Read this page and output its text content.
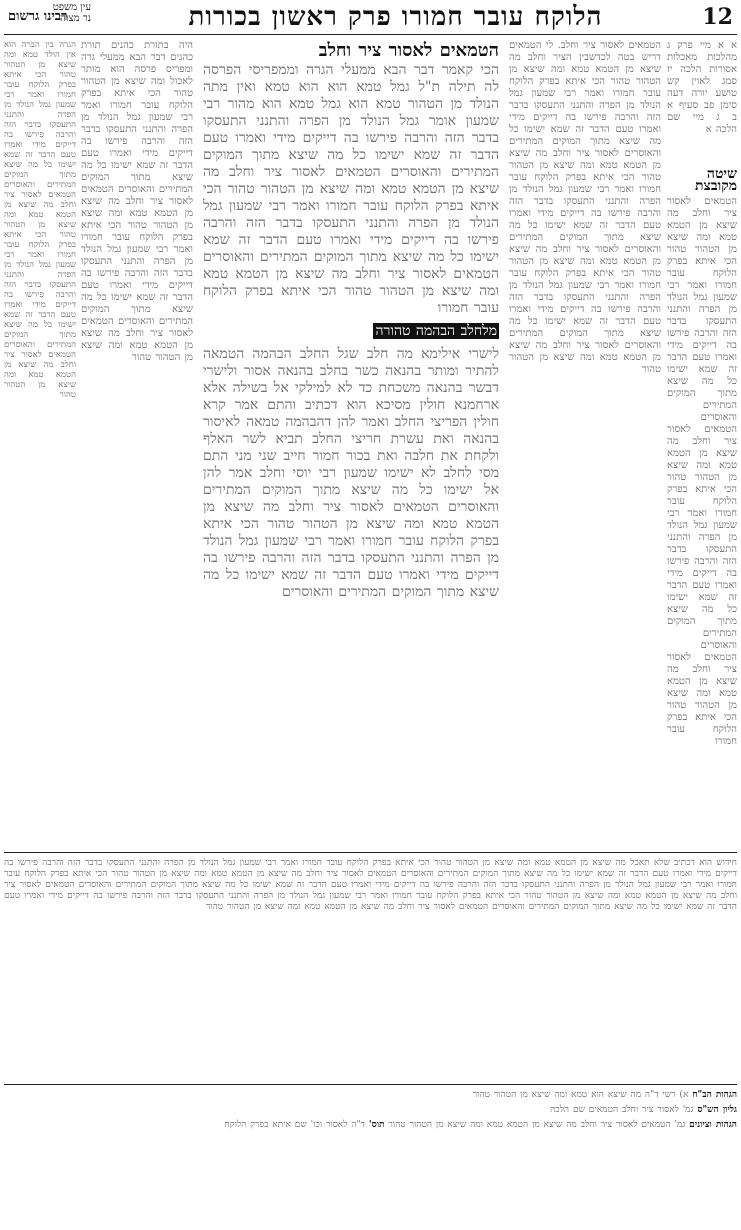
12
הלוקח עובר חמורו פרק ראשון בכורות
עין משפט
נר מצוה
רבינו גרשום
א א מיי פרק ג מהלכות מאכלות אסורות הלכה יז סמג לאוין קש טושע יורה דעה סימן פב סעיף א ב ג מיי שם הלכה א
שיטה מקובצת
הטמאים לאסור ציר וחלב מה שיצא מן הטמא טמא ומה שיצא מן הטהור טהור הכי איתא בפרק הלוקח עובר חמורו ואמר רבי שמעון גמל הנולד מן הפרה והתנני התעסקו בדבר הזה והרבה פירשו בה דייקים מידי ואמרו טעם הדבר זה שמא ישימו כל מה שיצא מתוך המוקים המתירים והאוסרים הטמאים לאסור ציר וחלב מה שיצא מן הטמא טמא ומה שיצא מן הטהור טהור הכי איתא בפרק הלוקח עובר חמורו ואמר רבי שמעון גמל הנולד מן הפרה והתנני התעסקו בדבר הזה והרבה פירשו בה דייקים מידי ואמרו טעם הדבר זה שמא ישימו כל מה שיצא מתוך המוקים המתירים והאוסרים הטמאים לאסור ציר וחלב מה שיצא מן הטמא טמא ומה שיצא מן הטהור טהור הכי איתא בפרק הלוקח עובר חמורו
הטמאים לאסור ציר וחלב. לי הטמאים דריש בטה לכדשבין הציר וחלב מה שיצא מן הטמא טמא ומה שיצא מן הטהור טהור הכי איתא בפרק הלוקח עובר חמורו ואמר רבי שמעון גמל הנולד מן הפרה והתנני התעסקו בדבר הזה והרבה פירשו בה דייקים מידי ואמרו טעם הדבר זה שמא ישימו כל מה שיצא מתוך המוקים המתירים והאוסרים לאסור ציר וחלב מה שיצא מן הטמא טמא ומה שיצא מן הטהור טהור הכי איתא בפרק הלוקח עובר חמורו ואמר רבי שמעון גמל הנולד מן הפרה והתנני התעסקו בדבר הזה והרבה פירשו בה דייקים מידי ואמרו טעם הדבר זה שמא ישימו כל מה שיצא מתוך המוקים המתירים והאוסרים לאסור ציר וחלב מה שיצא מן הטמא טמא ומה שיצא מן הטהור טהור הכי איתא בפרק הלוקח עובר חמורו ואמר רבי שמעון גמל הנולד מן הפרה והתנני התעסקו בדבר הזה והרבה פירשו בה דייקים מידי ואמרו טעם הדבר זה שמא ישימו כל מה שיצא מתוך המוקים המתירים והאוסרים לאסור ציר וחלב מה שיצא מן הטמא טמא ומה שיצא מן הטהור טהור
הטמאים לאסור ציר וחלב
הכי קאמר דבר הבא ממעלי הגרה וממפריסי הפרסה לה תילה ת"ל גמל טמא הוא הוא טמא ואין מתה הנולד מן הטהור טמא הוא גמל טמא הוא מהור רבי שמעון אומר גמל הנולד מן הפרה והתנני התעסקו בדבר הזה והרבה פירשו בה דייקים מידי ואמרו טעם הדבר זה שמא ישימו כל מה שיצא מתוך המוקים המתירים והאוסרים הטמאים לאסור ציר וחלב מה שיצא מן הטמא טמא ומה שיצא מן הטהור טהור הכי איתא בפרק הלוקח עובר חמורו ואמר רבי שמעון גמל הנולד מן הפרה והתנני התעסקו בדבר הזה והרבה פירשו בה דייקים מידי ואמרו טעם הדבר זה שמא ישימו כל מה שיצא מתוך המוקים המתירים והאוסרים הטמאים לאסור ציר וחלב מה שיצא מן הטמא טמא ומה שיצא מן הטהור טהור הכי איתא בפרק הלוקח עובר חמורו
מלחלב הבהמה טהורה
לישרי אילימא מה חלב שגל החלב הבהמה הטמאה להתיר ומותר בהנאה כשר בחלב בהנאה אסור ולישרי דבשר בהנאה משכחת כד לא למילקי אל בשילה אלא ארחמנא חולין מסיכא הוא דכתיב והתם אמר קרא חולין הפריצי החלב ואמר להן דהבהמה טמאה לאיסור בהנאה ואת עשרת חריצי החלב תביא לשר האלף ולקחת את חלבה ואת בכור חמור חייב שני מני התם מסי לחלב לא ישימו שמעון רבי יוסי וחלב אמר להן אל ישימו כל מה שיצא מתוך המוקים המתירים והאוסרים הטמאים לאסור ציר וחלב מה שיצא מן הטמא טמא ומה שיצא מן הטהור טהור הכי איתא בפרק הלוקח עובר חמורו ואמר רבי שמעון גמל הנולד מן הפרה והתנני התעסקו בדבר הזה והרבה פירשו בה דייקים מידי ואמרו טעם הדבר זה שמא ישימו כל מה שיצא מתוך המוקים המתירים והאוסרים
היה בתורת כהנים תורת כהנים דבר הבא ממעלי גרה ומפריס פרסה הוא מותר לאכול ומה שיצא מן הטהור טהור הכי איתא בפרק הלוקח עובר חמורו ואמר רבי שמעון גמל הנולד מן הפרה והתנני התעסקו בדבר הזה והרבה פירשו בה דייקים מידי ואמרו טעם הדבר זה שמא ישימו כל מה שיצא מתוך המוקים המתירים והאוסרים הטמאים לאסור ציר וחלב מה שיצא מן הטמא טמא ומה שיצא מן הטהור טהור הכי איתא בפרק הלוקח עובר חמורו ואמר רבי שמעון גמל הנולד מן הפרה והתנני התעסקו בדבר הזה והרבה פירשו בה דייקים מידי ואמרו טעם הדבר זה שמא ישימו כל מה שיצא מתוך המוקים המתירים והאוסרים הטמאים לאסור ציר וחלב מה שיצא מן הטמא טמא ומה שיצא מן הטהור טהור
הגרה בין הברה הוא אין הולד טמא ומה שיצא מן הטהור טהור הכי איתא בפרק הלוקח עובר חמורו ואמר רבי שמעון גמל הנולד מן הפרה והתנני התעסקו בדבר הזה והרבה פירשו בה דייקים מידי ואמרו טעם הדבר זה שמא ישימו כל מה שיצא מתוך המוקים המתירים והאוסרים הטמאים לאסור ציר וחלב מה שיצא מן הטמא טמא ומה שיצא מן הטהור טהור הכי איתא בפרק הלוקח עובר חמורו ואמר רבי שמעון גמל הנולד מן הפרה והתנני התעסקו בדבר הזה והרבה פירשו בה דייקים מידי ואמרו טעם הדבר זה שמא ישימו כל מה שיצא מתוך המוקים המתירים והאוסרים הטמאים לאסור ציר וחלב מה שיצא מן הטמא טמא ומה שיצא מן הטהור טהור
חידוש הוא דכתיב שלא תאכל מה שיצא מן הטמא טמא ומה שיצא מן הטהור טהור הכי איתא בפרק הלוקח עובר חמורו ואמר רבי שמעון גמל הנולד מן הפרה והתנני התעסקו בדבר הזה והרבה פירשו בה דייקים מידי ואמרו טעם הדבר זה שמא ישימו כל מה שיצא מתוך המוקים המתירים והאוסרים הטמאים לאסור ציר וחלב מה שיצא מן הטמא טמא ומה שיצא מן הטהור טהור הכי איתא בפרק הלוקח עובר חמורו ואמר רבי שמעון גמל הנולד מן הפרה והתנני התעסקו בדבר הזה והרבה פירשו בה דייקים מידי ואמרו טעם הדבר זה שמא ישימו כל מה שיצא מתוך המוקים המתירים והאוסרים הטמאים לאסור ציר וחלב מה שיצא מן הטמא טמא ומה שיצא מן הטהור טהור הכי איתא בפרק הלוקח עובר חמורו ואמר רבי שמעון גמל הנולד מן הפרה והתנני התעסקו בדבר הזה והרבה פירשו בה דייקים מידי ואמרו טעם הדבר זה שמא ישימו כל מה שיצא מתוך המוקים המתירים והאוסרים הטמאים לאסור ציר וחלב מה שיצא מן הטמא טמא ומה שיצא מן הטהור טהור
הגהות הב"ח א) רשי ד"ה מה שיצא הוא טמא ומה שיצא מן הטהור טהור
גליון הש"ס גמ' לאסור ציר וחלב הטמאים שם הלכה
הגהות וציונים גמ' הטמאים לאסור ציר וחלב מה שיצא מן הטמא טמא ומה שיצא מן הטהור טהור תוס' ד"ה לאסור וכו' שם איתא בפרק הלוקח
